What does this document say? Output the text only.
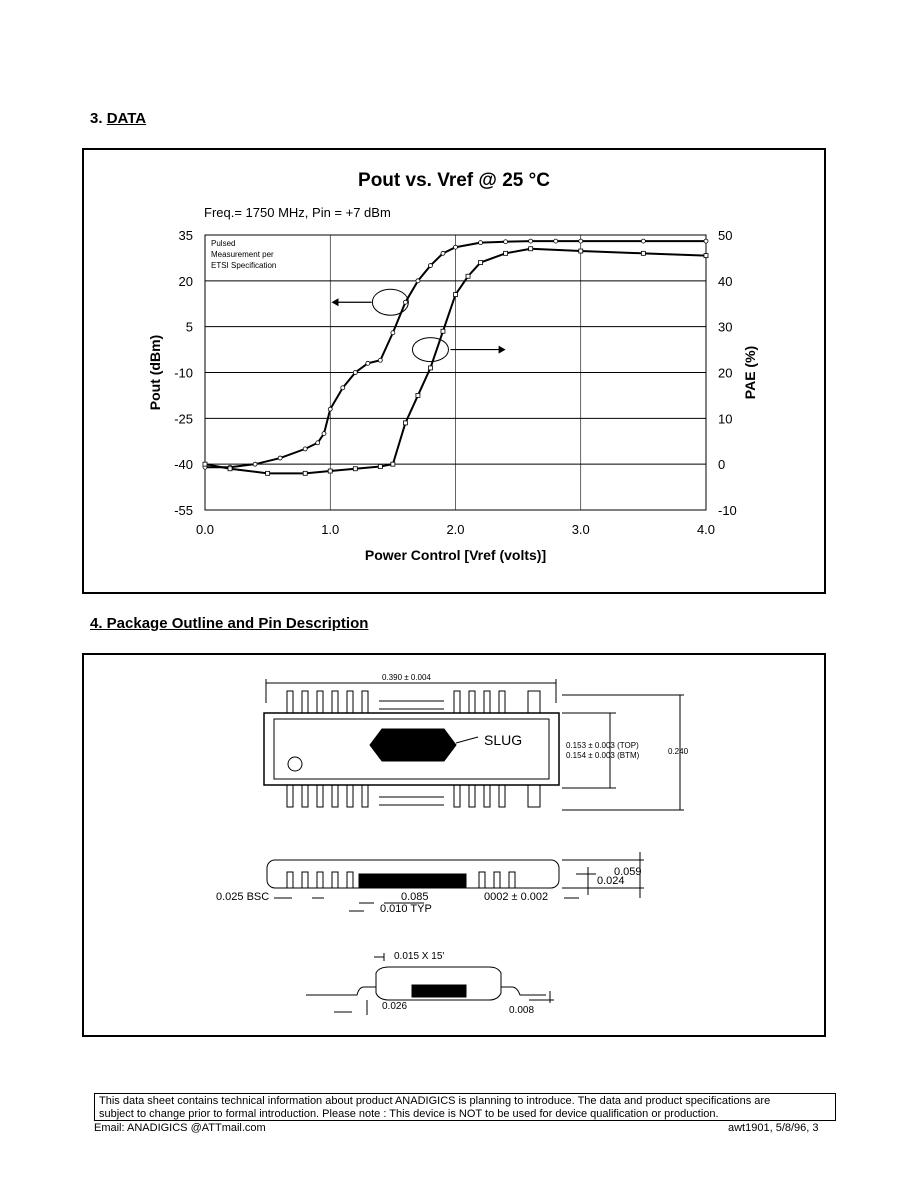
3. DATA
Pout vs. Vref @ 25 °C
Freq.= 1750 MHz, Pin = +7 dBm
35
20
5
-10
-25
-40
-55
50
40
30
20
10
0
-10
0.0	1.0	2.0	3.0	4.0
Power Control [Vref (volts)]
Pout (dBm)	PAE (%)
Pulsed
Measurement per
ETSI Specification
4. Package Outline and Pin Description
0.390 ± 0.004
SLUG	0.153 ± 0.003 (TOP)
0.154 ± 0.003 (BTM)	0.240
0.059
0.024
0.025 BSC	0.085
0.010 TYP
0002 ± 0.002
0.015 X 15'
0.026	0.008
This data sheet contains technical information about product ANADIGICS is planning to introduce. The data and product specifications are
subject to change prior to formal introduction. Please note : This device is NOT to be used for device qualification or production.
Email: ANADIGICS @ATTmail.com	awt1901, 5/8/96, 3
